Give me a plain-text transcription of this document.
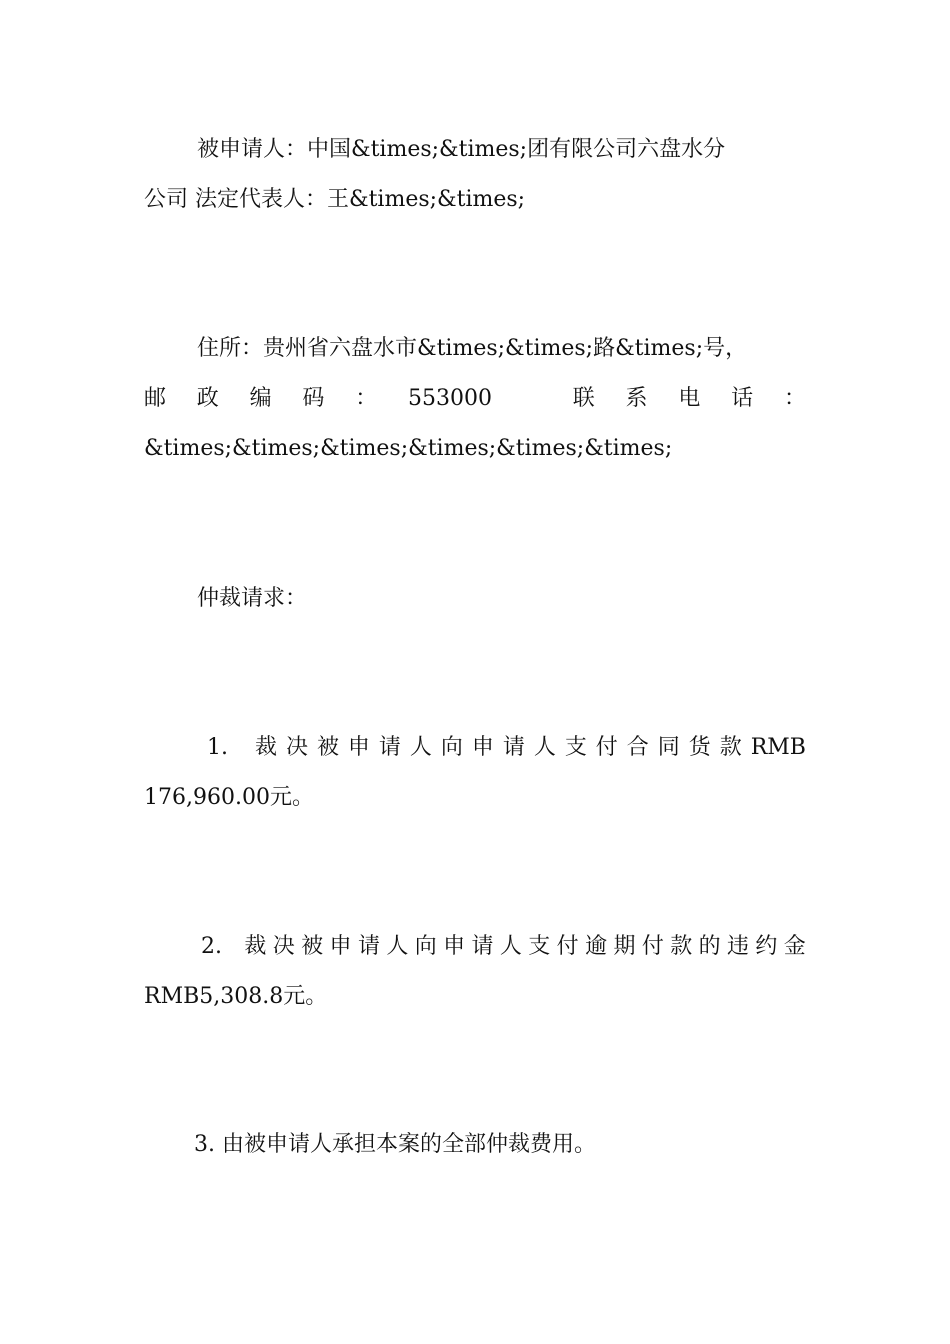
被申请人：中国&times;&times;团有限公司六盘水分
公司 法定代表人：王&times;&times;
住所：贵州省六盘水市&times;&times;路&times;号，
邮 政 编 码 ： 553000	联 系 电 话 ：
&times;&times;&times;&times;&times;&times;
仲裁请求：
1. 裁 决 被 申 请 人 向 申 请 人 支 付 合 同 货 款 RMB
176,960.00元。
2. 裁 决 被 申 请 人 向 申 请 人 支 付 逾 期 付 款 的 违 约 金
RMB5,308.8元。
3. 由被申请人承担本案的全部仲裁费用。
